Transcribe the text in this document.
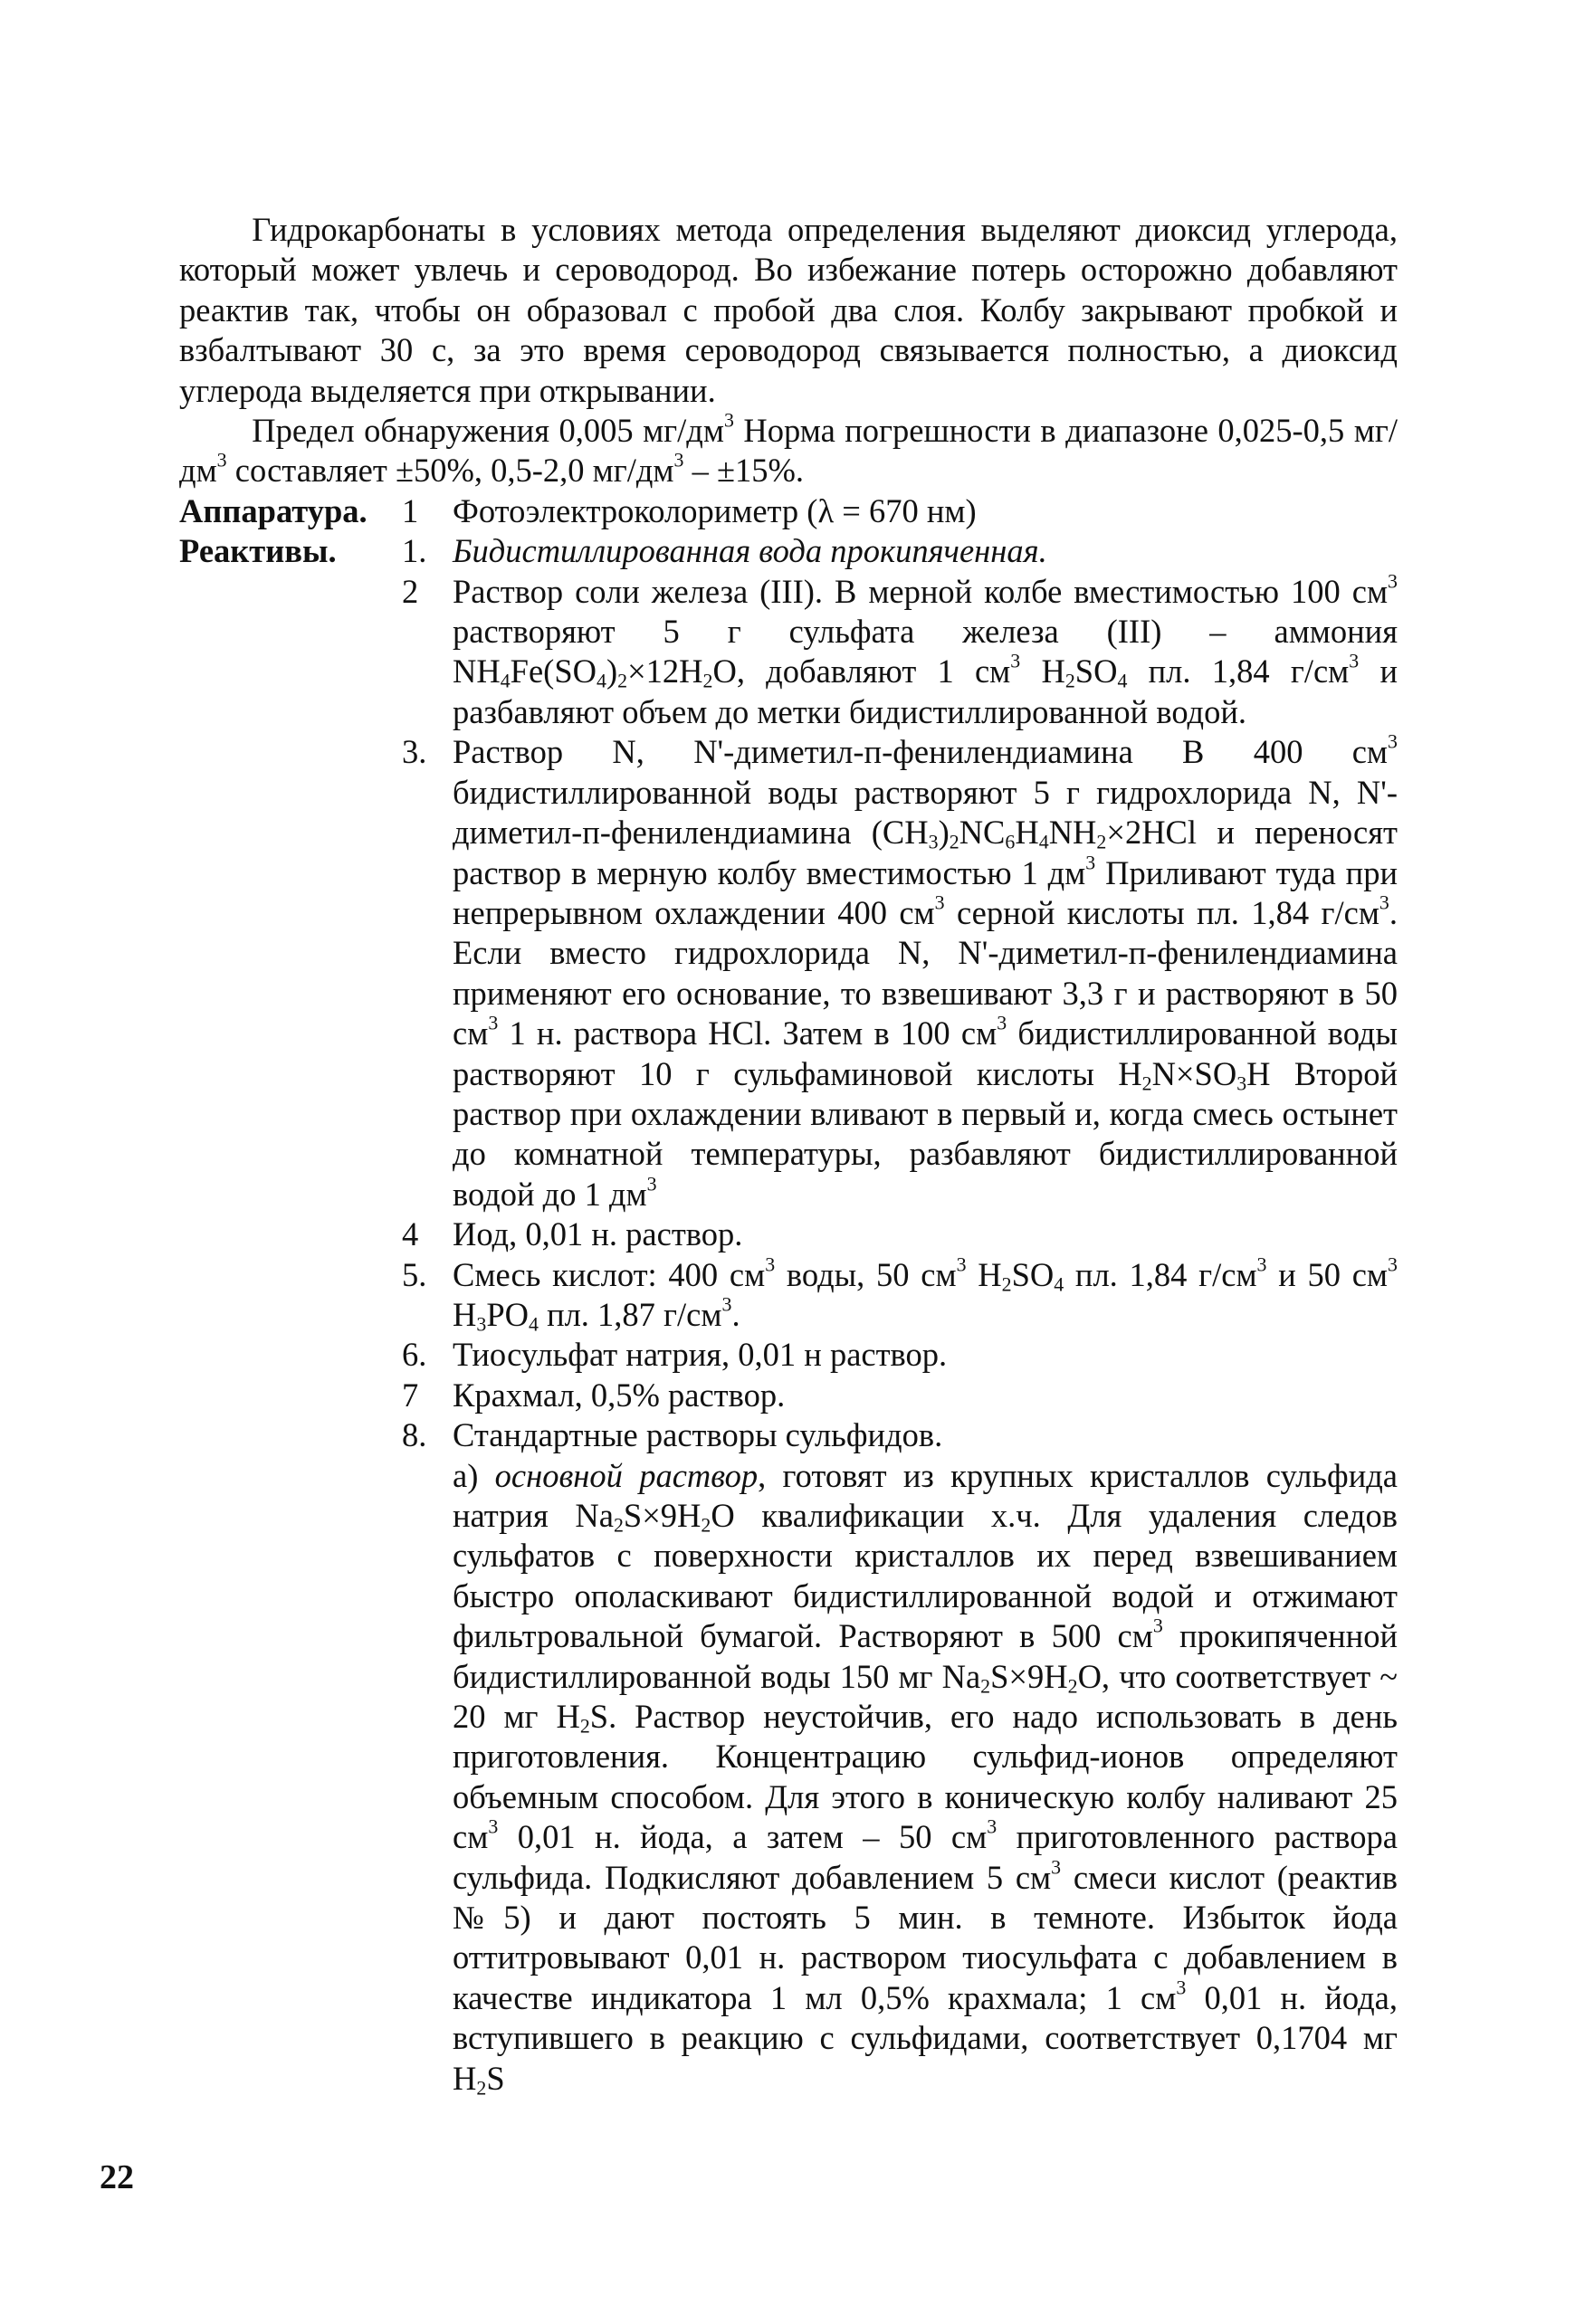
Гидрокарбонаты в условиях метода определения выделяют диоксид углерода, который может увлечь и сероводород. Во избежание потерь осторожно добавляют реактив так, чтобы он образовал с пробой два слоя. Колбу закрывают пробкой и взбалтывают 30 с, за это время сероводород связывается полностью, а диоксид углерода выделяется при открывании.

Предел обнаружения 0,005 $мг/дм^3$ Норма погрешности в диапазоне 0,025-0,5 $мг/дм^3$ составляет ±50%, 0,5-2,0 $мг/дм^3 - \pm 15\%$.

Аппаратура.	1	Фотоэлектроколориметр (λ = 670 нм)
Реактивы.	1. Бидистиллированная вода прокипяченная.
2	Раствор соли железа (III). В мерной колбе вместимостью 100 $см^3$ растворяют 5 г сульфата железа (III) – аммония $NH_4Fe(SO_4)_2\times 12H_2O$, добавляют 1 $см^3$ $H_2SO_4$ пл. 1,84 $г/см^3$ и разбавляют объем до метки бидистиллированной водой.
3. Раствор N, N'-диметил-п-фенилендиамина В 400 $см^3$ бидистиллированной воды растворяют 5 г гидрохлорида N, N'-диметил-п-фенилендиамина $(CH_3)_2NC_6H_4NH_2\times 2HCl$ и переносят раствор в мерную колбу вместимостью 1 $дм^3$ Приливают туда при непрерывном охлаждении 400 $см^3$ серной кислоты пл. 1,84 $г/см^3$. Если вместо гидрохлорида N, N'-диметил-п-фенилендиамина применяют его основание, то взвешивают 3,3 г и растворяют в 50 $см^3$ 1 н. раствора HCl. Затем в 100 $см^3$ бидистиллированной воды растворяют 10 г сульфаминовой кислоты $H_2N\times SO_3H$ Второй раствор при охлаждении вливают в первый и, когда смесь остынет до комнатной температуры, разбавляют бидистиллированной водой до 1 $дм^3$
4	Иод, 0,01 н. раствор.
5. Смесь кислот: 400 $см^3$ воды, 50 $см^3$ $H_2SO_4$ пл. 1,84 $г/см^3$ и 50 $см^3$ $H_3PO_4$ пл. 1,87 $г/см^3$.
6. Тиосульфат натрия, 0,01 н раствор.
7	Крахмал, 0,5% раствор.
8. Стандартные растворы сульфидов.

а) основной раствор, готовят из крупных кристаллов сульфида натрия $Na_2S\times 9H_2O$ квалификации х.ч. Для удаления следов сульфатов с поверхности кристаллов их перед взвешиванием быстро ополаскивают бидистиллированной водой и отжимают фильтровальной бумагой. Растворяют в 500 $см^3$ прокипяченной бидистиллированной воды 150 мг $Na_2S\times 9H_2O$, что соответствует ~ 20 мг $H_2S$. Раствор неустойчив, его надо использовать в день приготовления. Концентрацию сульфид-ионов определяют объемным способом. Для этого в коническую колбу наливают 25 $см^3$ 0,01 н. йода, а затем – 50 $см^3$ приготовленного раствора сульфида. Подкисляют добавлением 5 $см^3$ смеси кислот (реактив №5) и дают постоять 5 мин. в темноте. Избыток йода оттитровывают 0,01 н. раствором тиосульфата с добавлением в качестве индикатора 1 мл 0,5% крахмала; 1 $см^3$ 0,01 н. йода, вступившего в реакцию с сульфидами, соответствует 0,1704 мг $H_2S$

22
